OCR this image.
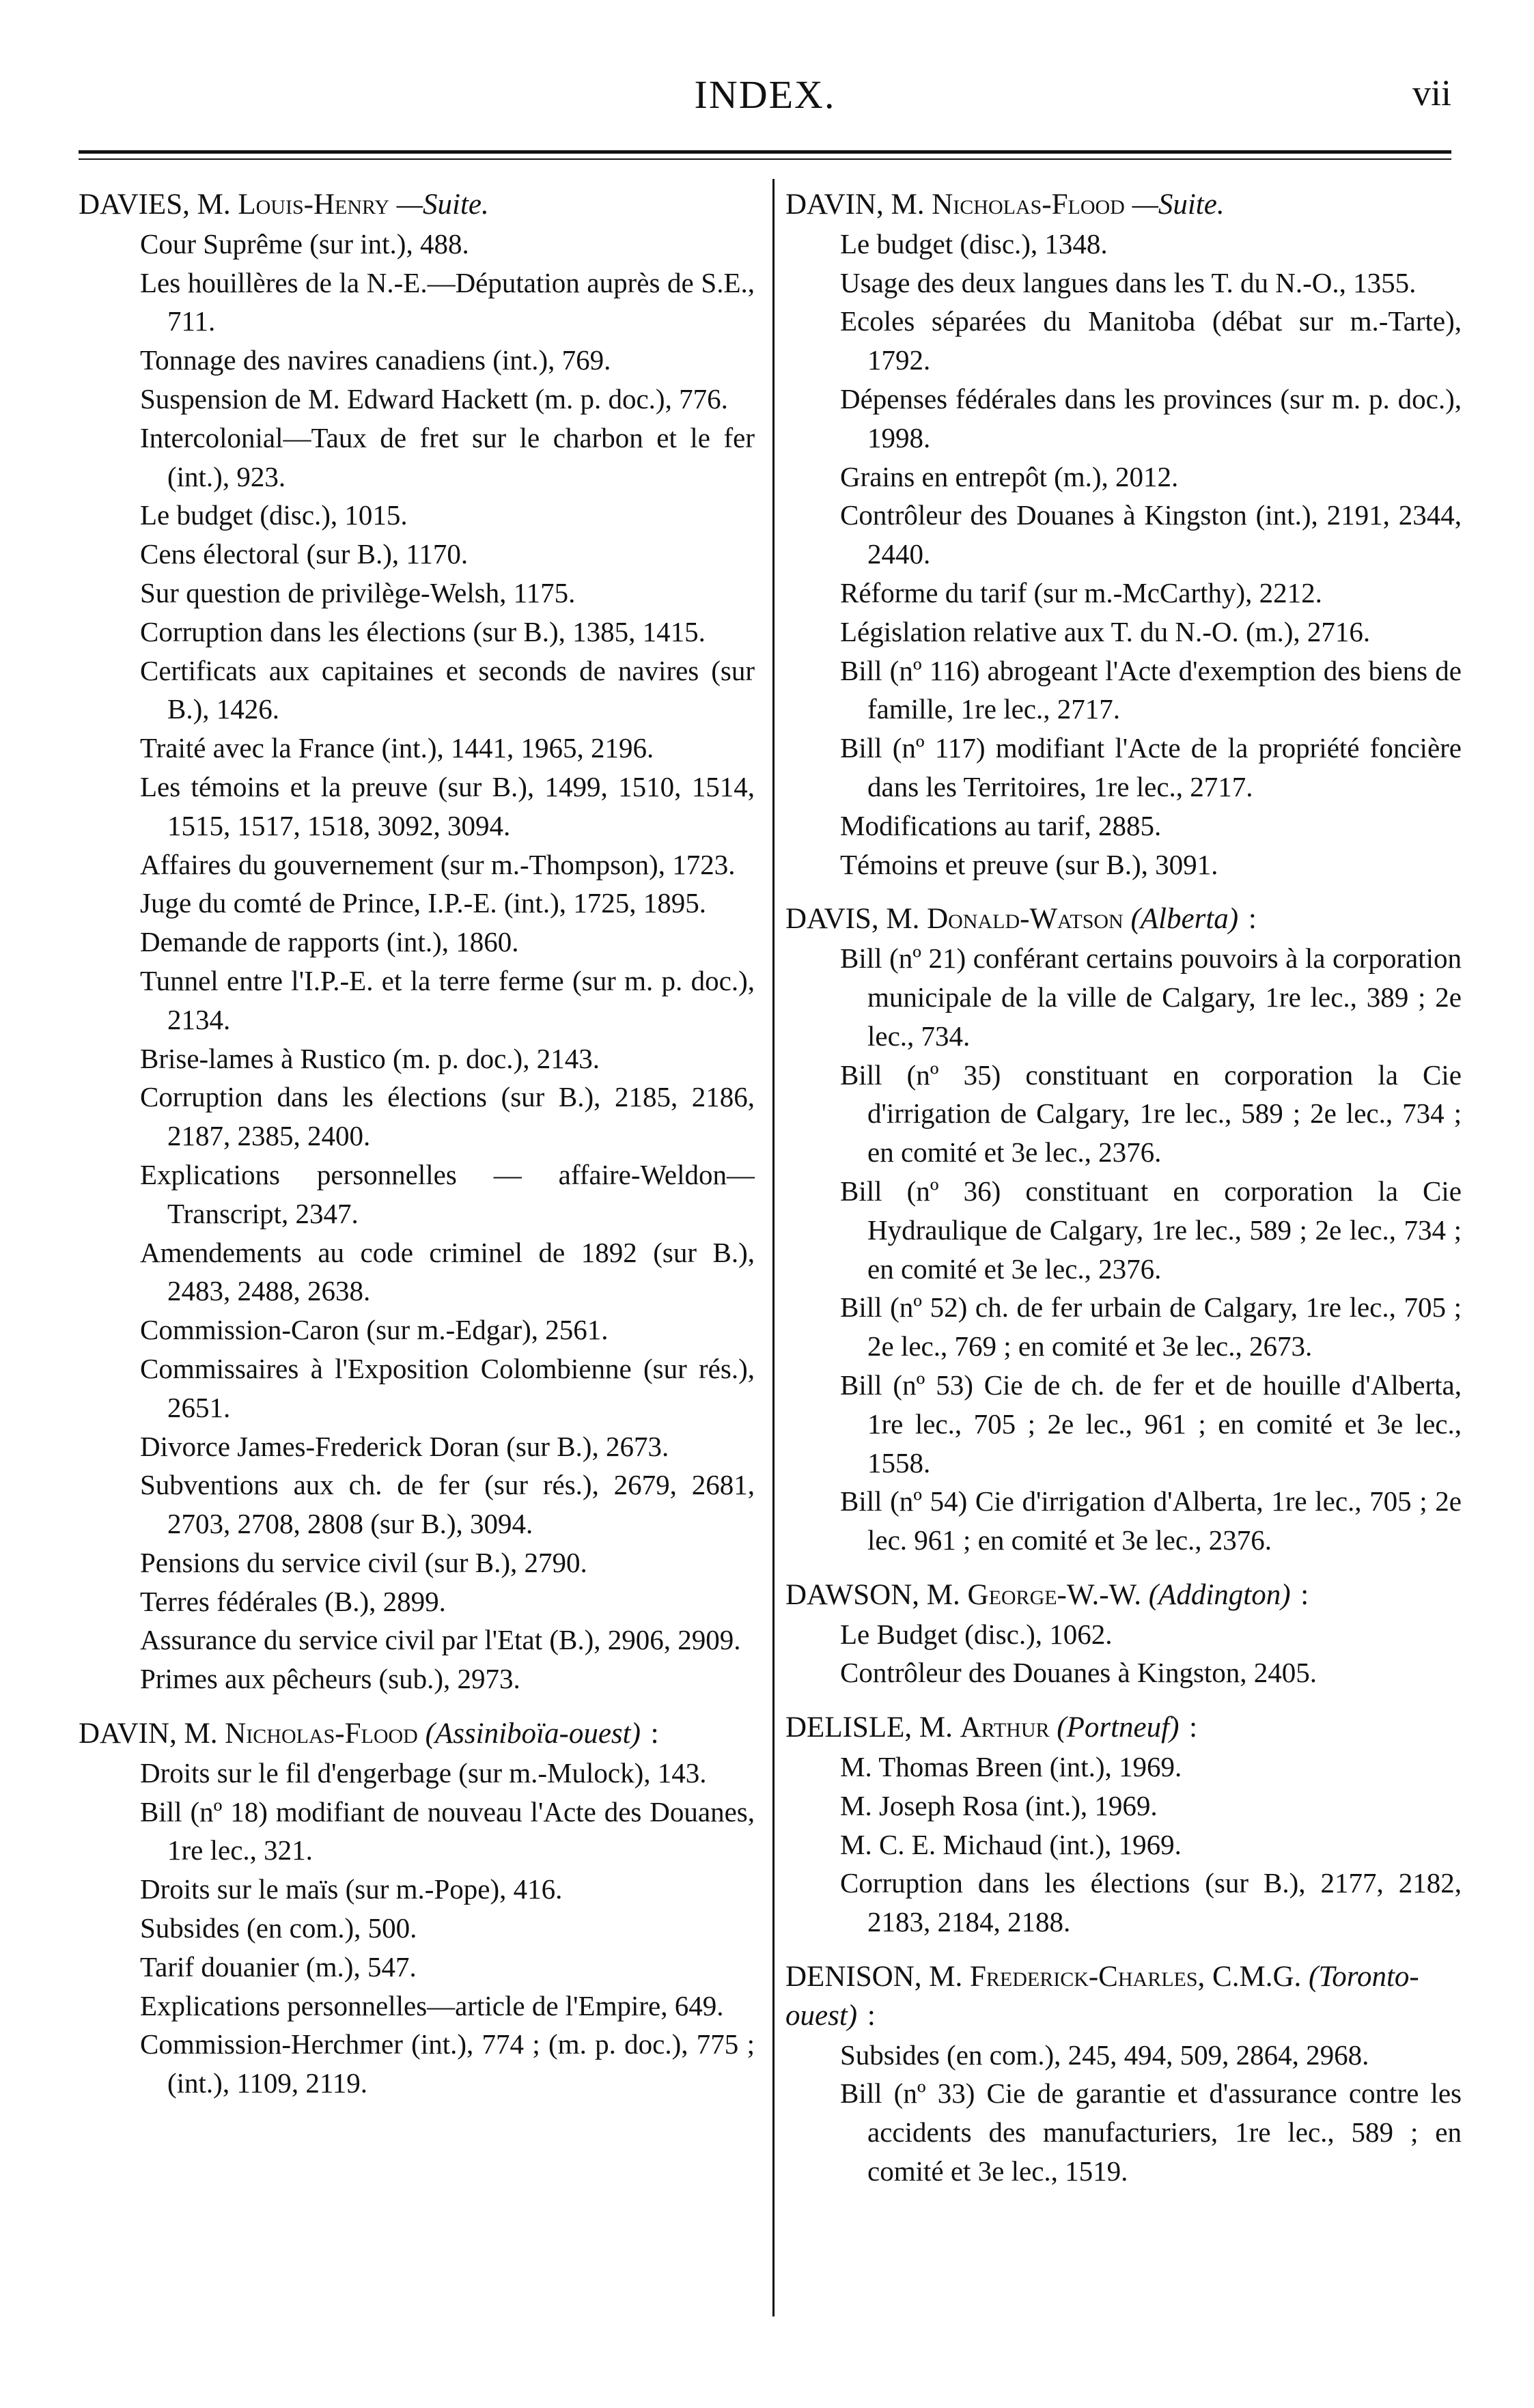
INDEX.	vii
DAVIES, M. Louis-Henry —Suite.
Cour Suprême (sur int.), 488.
Les houillères de la N.-E.—Députation auprès de S.E., 711.
Tonnage des navires canadiens (int.), 769.
Suspension de M. Edward Hackett (m. p. doc.), 776.
Intercolonial—Taux de fret sur le charbon et le fer (int.), 923.
Le budget (disc.), 1015.
Cens électoral (sur B.), 1170.
Sur question de privilège-Welsh, 1175.
Corruption dans les élections (sur B.), 1385, 1415.
Certificats aux capitaines et seconds de navires (sur B.), 1426.
Traité avec la France (int.), 1441, 1965, 2196.
Les témoins et la preuve (sur B.), 1499, 1510, 1514, 1515, 1517, 1518, 3092, 3094.
Affaires du gouvernement (sur m.-Thompson), 1723.
Juge du comté de Prince, I.P.-E. (int.), 1725, 1895.
Demande de rapports (int.), 1860.
Tunnel entre l'I.P.-E. et la terre ferme (sur m. p. doc.), 2134.
Brise-lames à Rustico (m. p. doc.), 2143.
Corruption dans les élections (sur B.), 2185, 2186, 2187, 2385, 2400.
Explications personnelles — affaire-Weldon—Transcript, 2347.
Amendements au code criminel de 1892 (sur B.), 2483, 2488, 2638.
Commission-Caron (sur m.-Edgar), 2561.
Commissaires à l'Exposition Colombienne (sur rés.), 2651.
Divorce James-Frederick Doran (sur B.), 2673.
Subventions aux ch. de fer (sur rés.), 2679, 2681, 2703, 2708, 2808 (sur B.), 3094.
Pensions du service civil (sur B.), 2790.
Terres fédérales (B.), 2899.
Assurance du service civil par l'Etat (B.), 2906, 2909.
Primes aux pêcheurs (sub.), 2973.
DAVIN, M. Nicholas-Flood (Assiniboïa-ouest) :
Droits sur le fil d'engerbage (sur m.-Mulock), 143.
Bill (nº 18) modifiant de nouveau l'Acte des Douanes, 1re lec., 321.
Droits sur le maïs (sur m.-Pope), 416.
Subsides (en com.), 500.
Tarif douanier (m.), 547.
Explications personnelles—article de l'Empire, 649.
Commission-Herchmer (int.), 774 ; (m. p. doc.), 775 ; (int.), 1109, 2119.
DAVIN, M. Nicholas-Flood —Suite.
Le budget (disc.), 1348.
Usage des deux langues dans les T. du N.-O., 1355.
Ecoles séparées du Manitoba (débat sur m.-Tarte), 1792.
Dépenses fédérales dans les provinces (sur m. p. doc.), 1998.
Grains en entrepôt (m.), 2012.
Contrôleur des Douanes à Kingston (int.), 2191, 2344, 2440.
Réforme du tarif (sur m.-McCarthy), 2212.
Législation relative aux T. du N.-O. (m.), 2716.
Bill (nº 116) abrogeant l'Acte d'exemption des biens de famille, 1re lec., 2717.
Bill (nº 117) modifiant l'Acte de la propriété foncière dans les Territoires, 1re lec., 2717.
Modifications au tarif, 2885.
Témoins et preuve (sur B.), 3091.
DAVIS, M. Donald-Watson (Alberta) :
Bill (nº 21) conférant certains pouvoirs à la corporation municipale de la ville de Calgary, 1re lec., 389 ; 2e lec., 734.
Bill (nº 35) constituant en corporation la Cie d'irrigation de Calgary, 1re lec., 589 ; 2e lec., 734 ; en comité et 3e lec., 2376.
Bill (nº 36) constituant en corporation la Cie Hydraulique de Calgary, 1re lec., 589 ; 2e lec., 734 ; en comité et 3e lec., 2376.
Bill (nº 52) ch. de fer urbain de Calgary, 1re lec., 705 ; 2e lec., 769 ; en comité et 3e lec., 2673.
Bill (nº 53) Cie de ch. de fer et de houille d'Alberta, 1re lec., 705 ; 2e lec., 961 ; en comité et 3e lec., 1558.
Bill (nº 54) Cie d'irrigation d'Alberta, 1re lec., 705 ; 2e lec. 961 ; en comité et 3e lec., 2376.
DAWSON, M. George-W.-W. (Addington) :
Le Budget (disc.), 1062.
Contrôleur des Douanes à Kingston, 2405.
DELISLE, M. Arthur (Portneuf) :
M. Thomas Breen (int.), 1969.
M. Joseph Rosa (int.), 1969.
M. C. E. Michaud (int.), 1969.
Corruption dans les élections (sur B.), 2177, 2182, 2183, 2184, 2188.
DENISON, M. Frederick-Charles, C.M.G. (Toronto-ouest) :
Subsides (en com.), 245, 494, 509, 2864, 2968.
Bill (nº 33) Cie de garantie et d'assurance contre les accidents des manufacturiers, 1re lec., 589 ; en comité et 3e lec., 1519.
